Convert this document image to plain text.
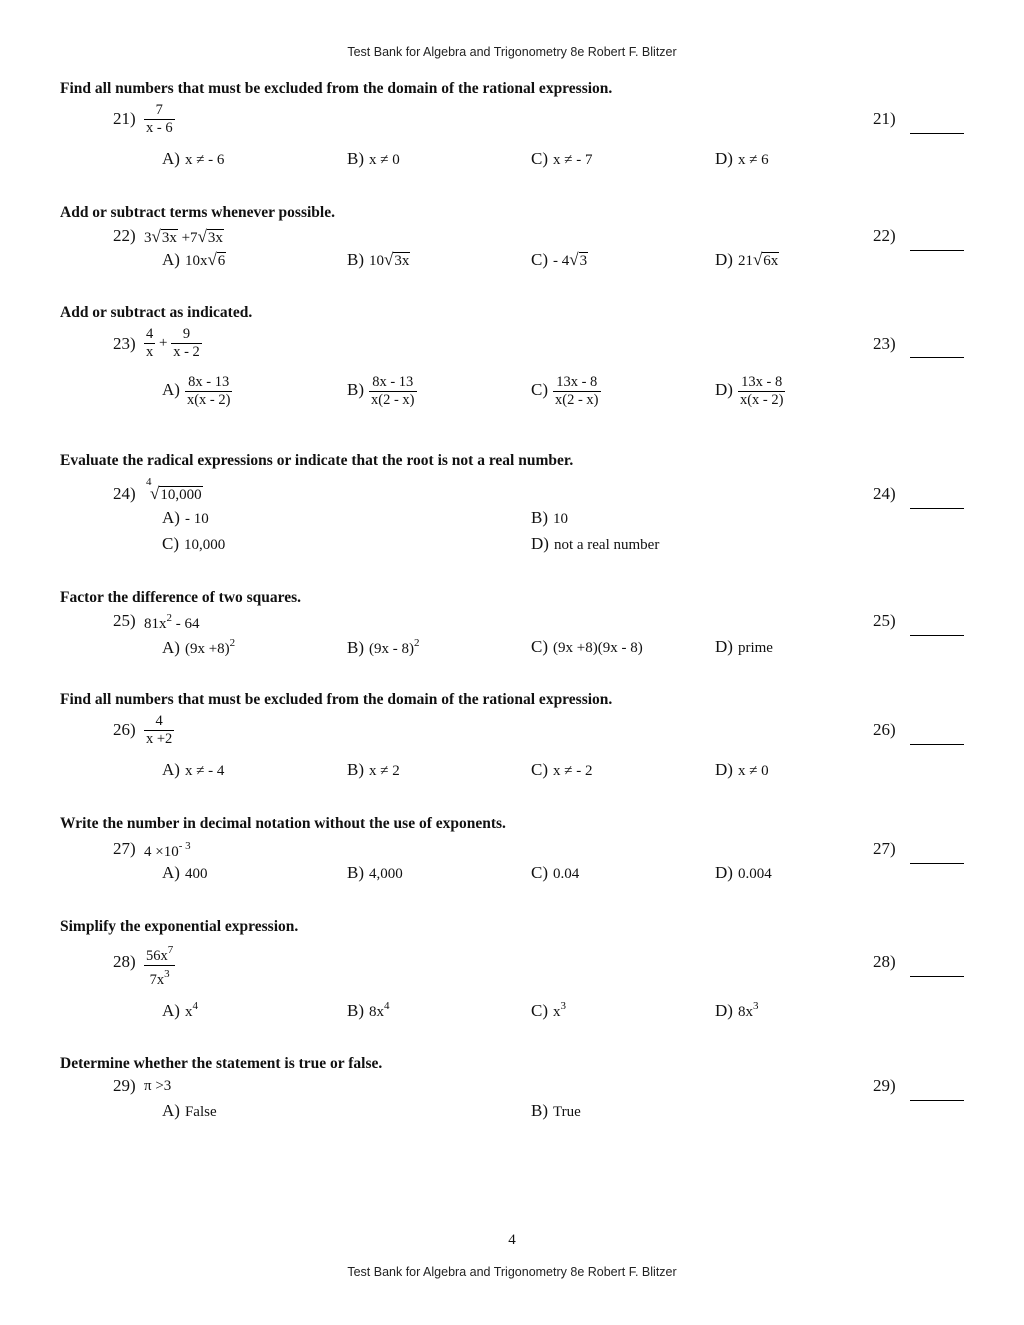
Test Bank for Algebra and Trigonometry 8e Robert F. Blitzer
Find all numbers that must be excluded from the domain of the rational expression.
$21) \frac{7}{x - 6}$	21)
A) x ≠ - 6	B) x ≠ 0	C) x ≠ - 7	D) x ≠ 6
Add or subtract terms whenever possible.
22) 3√3x +7√3x	22)
A) 10x√6	B) 10√3x	C) - 4√3	D) 21√6x
Add or subtract as indicated.
$23) \frac{4}{x} + \frac{9}{x - 2}$	23)
$A) \frac{8x - 13}{x(x - 2)}$	$B) \frac{8x - 13}{x(2 - x)}$	$C) \frac{13x - 8}{x(2 - x)}$	$D) \frac{13x - 8}{x(x - 2)}$
Evaluate the radical expressions or indicate that the root is not a real number.
24)
4
√10,000	24)
A) - 10	B) 10
C) 10,000	D) not a real number
Factor the difference of two squares.
25) $81x^2 - 64$	25)
A) $(9x +8)^2$	B) (9x - 8)$^2$	C) (9x +8)(9x - 8)	D) prime
Find all numbers that must be excluded from the domain of the rational expression.
$26) \frac{4}{x +2}$	26)
A) x ≠ - 4	B) x ≠ 2	C) x ≠ - 2	D) x ≠ 0
Write the number in decimal notation without the use of exponents.
27) $4 \times 10^{- 3}$	27)
A) 400	B) 4,000	C) 0.04	D) 0.004
Simplify the exponential expression.
$28) \frac{56x^7}{7x^3}$	28)
A) $x^4$	B) $8x^4$	C) $x^3$	D) $8x^3$
Determine whether the statement is true or false.
29) π >3	29)
A) False	B) True
4
Test Bank for Algebra and Trigonometry 8e Robert F. Blitzer
